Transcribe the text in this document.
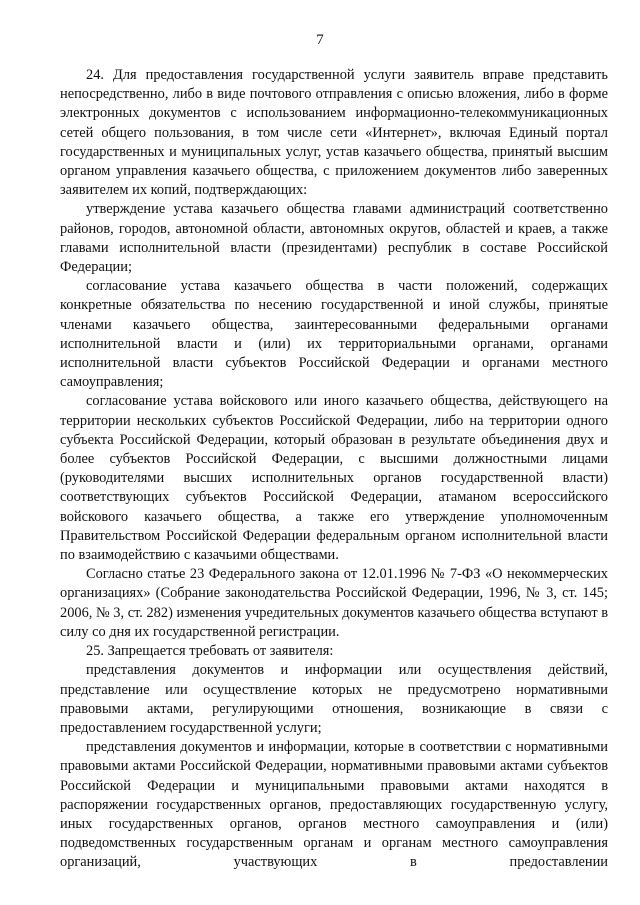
7

24. Для предоставления государственной услуги заявитель вправе представить непосредственно, либо в виде почтового отправления с описью вложения, либо в форме электронных документов с использованием информационно-телекоммуникационных сетей общего пользования, в том числе сети «Интернет», включая Единый портал государственных и муниципальных услуг, устав казачьего общества, принятый высшим органом управления казачьего общества, с приложением документов либо заверенных заявителем их копий, подтверждающих:

утверждение устава казачьего общества главами администраций соответственно районов, городов, автономной области, автономных округов, областей и краев, а также главами исполнительной власти (президентами) республик в составе Российской Федерации;

согласование устава казачьего общества в части положений, содержащих конкретные обязательства по несению государственной и иной службы, принятые членами казачьего общества, заинтересованными федеральными органами исполнительной власти и (или) их территориальными органами, органами исполнительной власти субъектов Российской Федерации и органами местного самоуправления;

согласование устава войскового или иного казачьего общества, действующего на территории нескольких субъектов Российской Федерации, либо на территории одного субъекта Российской Федерации, который образован в результате объединения двух и более субъектов Российской Федерации, с высшими должностными лицами (руководителями высших исполнительных органов государственной власти) соответствующих субъектов Российской Федерации, атаманом всероссийского войскового казачьего общества, а также его утверждение уполномоченным Правительством Российской Федерации федеральным органом исполнительной власти по взаимодействию с казачьими обществами.

Согласно статье 23 Федерального закона от 12.01.1996 № 7-ФЗ «О некоммерческих организациях» (Собрание законодательства Российской Федерации, 1996, № 3, ст. 145; 2006, № 3, ст. 282) изменения учредительных документов казачьего общества вступают в силу со дня их государственной регистрации.

25. Запрещается требовать от заявителя:

представления документов и информации или осуществления действий, представление или осуществление которых не предусмотрено нормативными правовыми актами, регулирующими отношения, возникающие в связи с предоставлением государственной услуги;

представления документов и информации, которые в соответствии с нормативными правовыми актами Российской Федерации, нормативными правовыми актами субъектов Российской Федерации и муниципальными правовыми актами находятся в распоряжении государственных органов, предоставляющих государственную услугу, иных государственных органов, органов местного самоуправления и (или) подведомственных государственным органам и органам местного самоуправления организаций, участвующих в предоставлении
